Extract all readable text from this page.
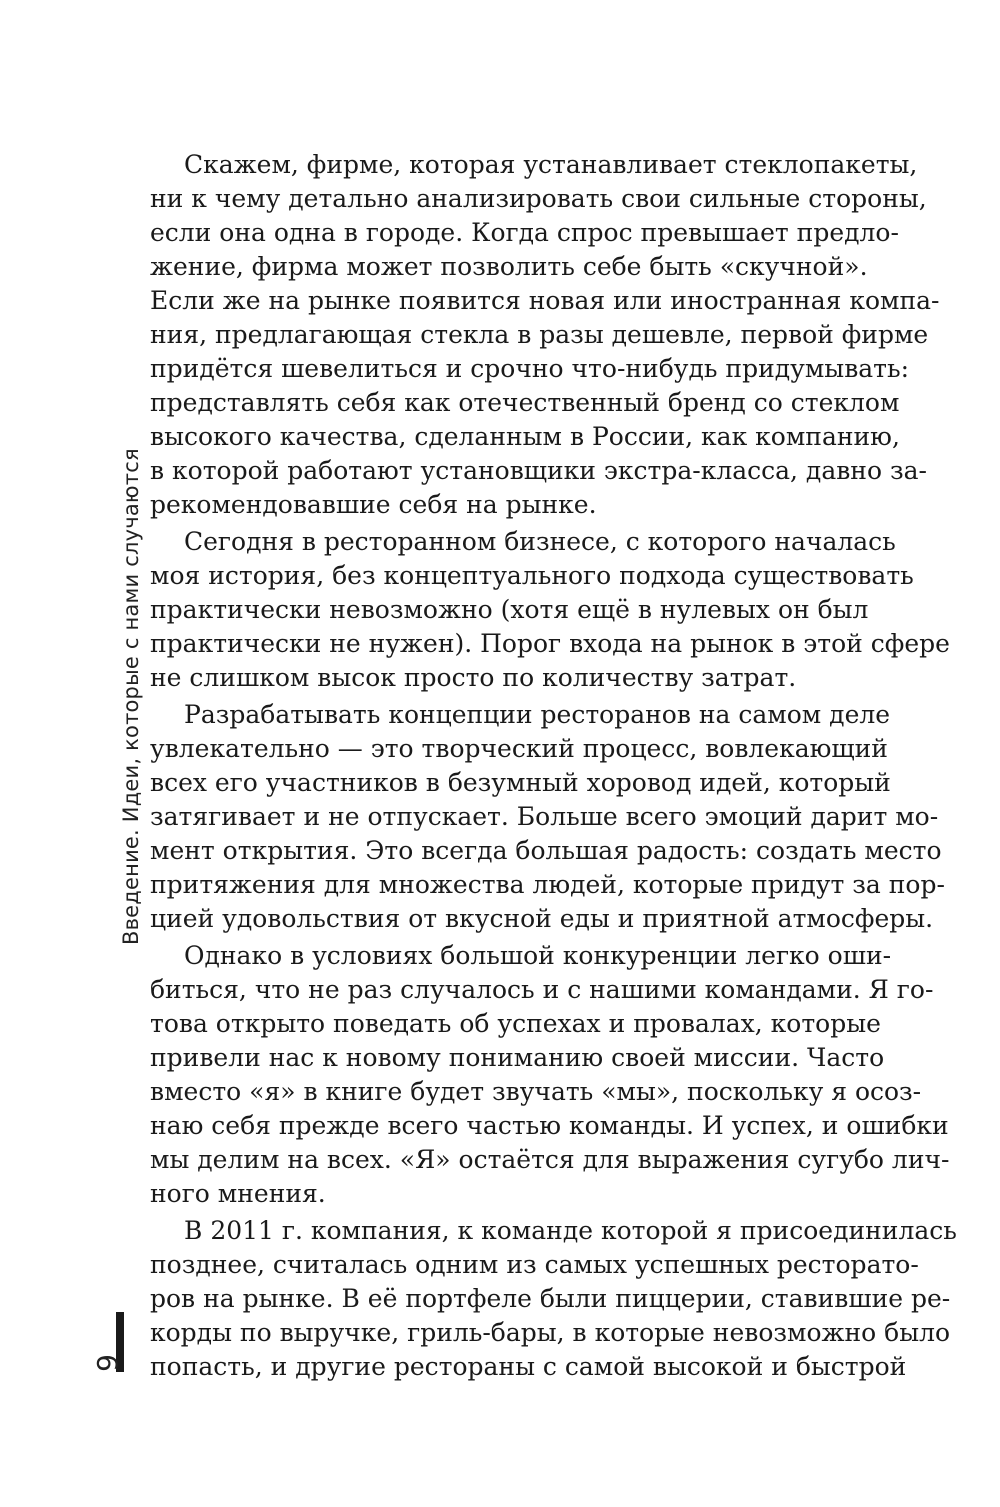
Введение. Идеи, которые с нами случаются
9
Скажем, фирме, которая устанавливает стеклопакеты,
ни к чему детально анализировать свои сильные стороны,
если она одна в городе. Когда спрос превышает предло-
жение, фирма может позволить себе быть «скучной».
Если же на рынке появится новая или иностранная компа-
ния, предлагающая стекла в разы дешевле, первой фирме
придётся шевелиться и срочно что-нибудь придумывать:
представлять себя как отечественный бренд со стеклом
высокого качества, сделанным в России, как компанию,
в которой работают установщики экстра-класса, давно за-
рекомендовавшие себя на рынке.
Сегодня в ресторанном бизнесе, с которого началась
моя история, без концептуального подхода существовать
практически невозможно (хотя ещё в нулевых он был
практически не нужен). Порог входа на рынок в этой сфере
не слишком высок просто по количеству затрат.
Разрабатывать концепции ресторанов на самом деле
увлекательно — это творческий процесс, вовлекающий
всех его участников в безумный хоровод идей, который
затягивает и не отпускает. Больше всего эмоций дарит мо-
мент открытия. Это всегда большая радость: создать место
притяжения для множества людей, которые придут за пор-
цией удовольствия от вкусной еды и приятной атмосферы.
Однако в условиях большой конкуренции легко оши-
биться, что не раз случалось и с нашими командами. Я го-
това открыто поведать об успехах и провалах, которые
привели нас к новому пониманию своей миссии. Часто
вместо «я» в книге будет звучать «мы», поскольку я осоз-
наю себя прежде всего частью команды. И успех, и ошибки
мы делим на всех. «Я» остаётся для выражения сугубо лич-
ного мнения.
В 2011 г. компания, к команде которой я присоединилась
позднее, считалась одним из самых успешных ресторато-
ров на рынке. В её портфеле были пиццерии, ставившие ре-
корды по выручке, гриль-бары, в которые невозможно было
попасть, и другие рестораны с самой высокой и быстрой
